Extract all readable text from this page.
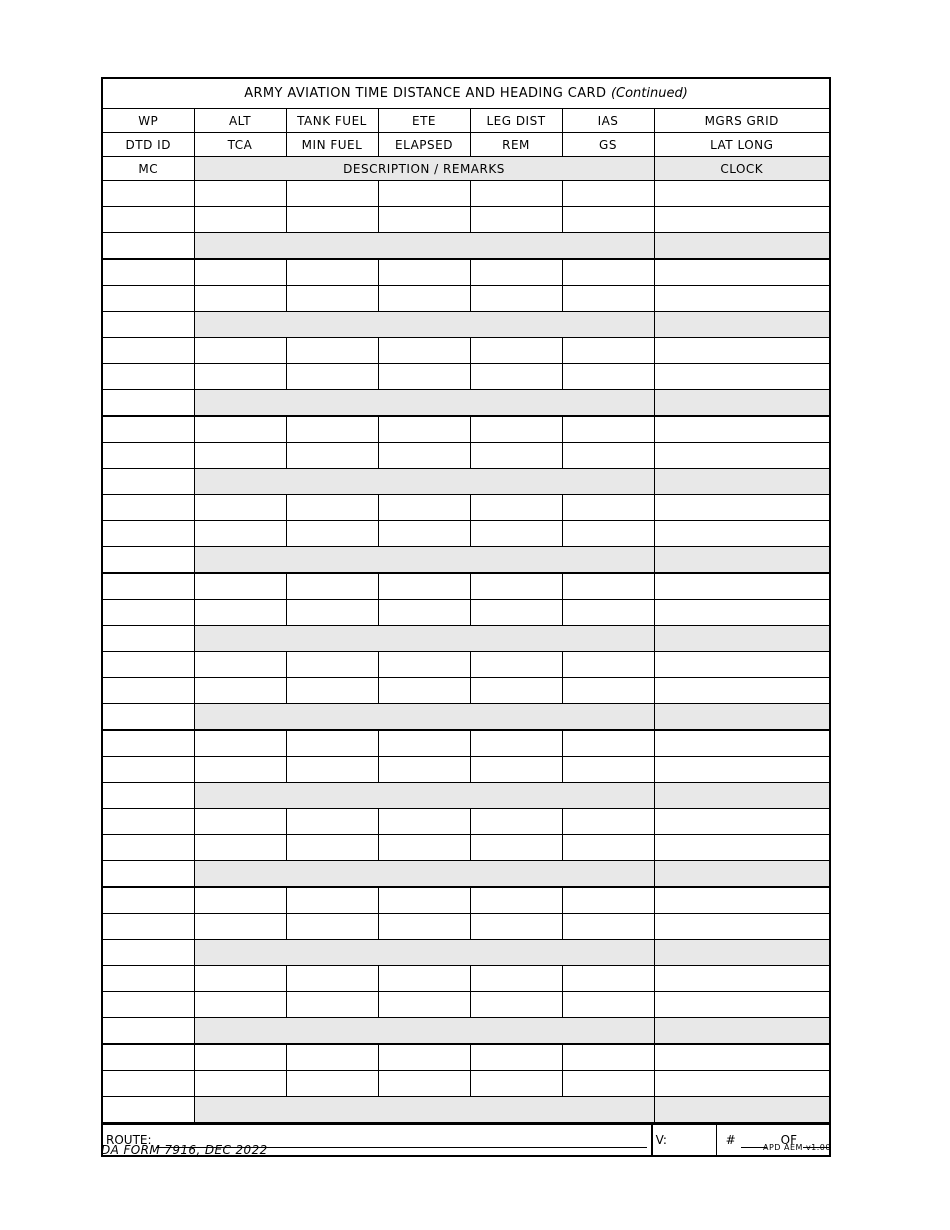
ARMY AVIATION TIME DISTANCE AND HEADING CARD (Continued)						
WP	ALT	TANK FUEL	ETE	LEG DIST	IAS	MGRS GRID
DTD ID	TCA	MIN FUEL	ELAPSED	REM	GS	LAT LONG
MC	DESCRIPTION / REMARKS					CLOCK

ROUTE:	V:	#	OF
DA FORM 7916, DEC 2022	APD AEM v1.00
